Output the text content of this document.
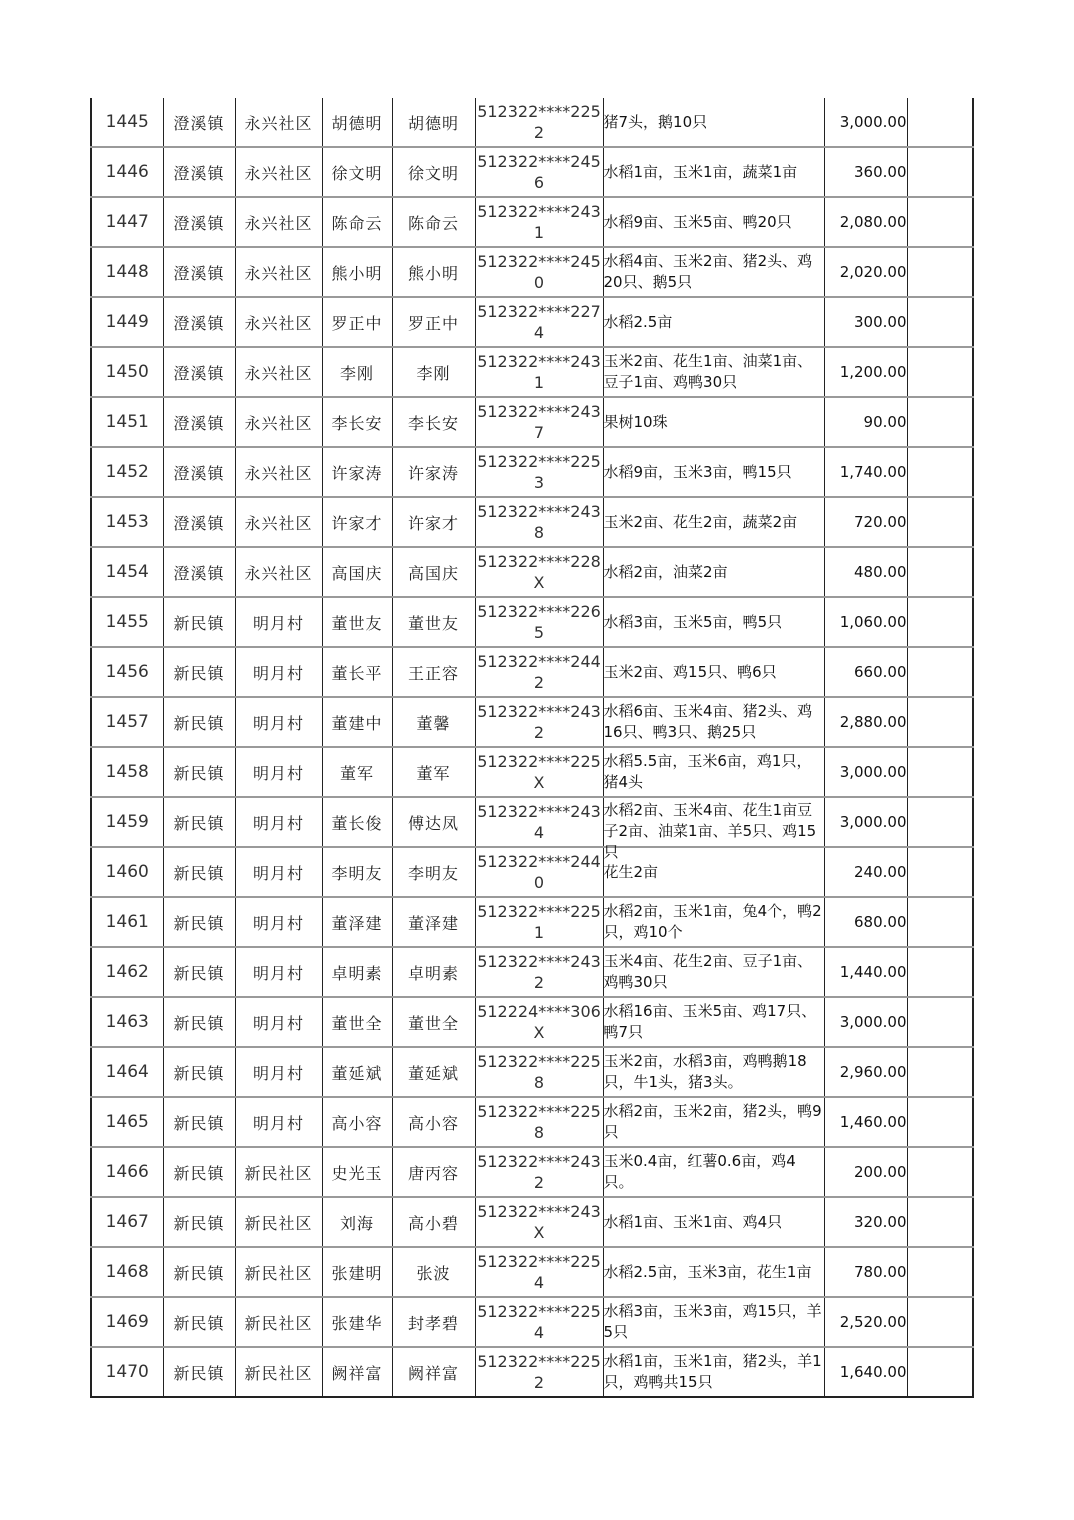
1445	澄溪镇	永兴社区	胡德明	胡德明	512322****2252	猪7头，鹅10只	3,000.00	
1446	澄溪镇	永兴社区	徐文明	徐文明	512322****2456	水稻1亩，玉米1亩，蔬菜1亩	360.00	
1447	澄溪镇	永兴社区	陈命云	陈命云	512322****2431	水稻9亩、玉米5亩、鸭20只	2,080.00	
1448	澄溪镇	永兴社区	熊小明	熊小明	512322****2450	水稻4亩、玉米2亩、猪2头、鸡20只、鹅5只	2,020.00	
1449	澄溪镇	永兴社区	罗正中	罗正中	512322****2274	水稻2.5亩	300.00	
1450	澄溪镇	永兴社区	李刚	李刚	512322****2431	玉米2亩、花生1亩、油菜1亩、豆子1亩、鸡鸭30只	1,200.00	
1451	澄溪镇	永兴社区	李长安	李长安	512322****2437	果树10珠	90.00	
1452	澄溪镇	永兴社区	许家涛	许家涛	512322****2253	水稻9亩，玉米3亩，鸭15只	1,740.00	
1453	澄溪镇	永兴社区	许家才	许家才	512322****2438	玉米2亩、花生2亩，蔬菜2亩	720.00	
1454	澄溪镇	永兴社区	高国庆	高国庆	512322****228X	水稻2亩，油菜2亩	480.00	
1455	新民镇	明月村	董世友	董世友	512322****2265	水稻3亩，玉米5亩，鸭5只	1,060.00	
1456	新民镇	明月村	董长平	王正容	512322****2442	玉米2亩、鸡15只、鸭6只	660.00	
1457	新民镇	明月村	董建中	董馨	512322****2432	水稻6亩、玉米4亩、猪2头、鸡16只、鸭3只、鹅25只	2,880.00	
1458	新民镇	明月村	董军	董军	512322****225X	水稻5.5亩，玉米6亩，鸡1只，猪4头	3,000.00	
1459	新民镇	明月村	董长俊	傅达凤	512322****2434	水稻2亩、玉米4亩、花生1亩豆子2亩、油菜1亩、羊5只、鸡15只	3,000.00	
1460	新民镇	明月村	李明友	李明友	512322****2440	花生2亩	240.00	
1461	新民镇	明月村	董泽建	董泽建	512322****2251	水稻2亩，玉米1亩，兔4个，鸭2只，鸡10个	680.00	
1462	新民镇	明月村	卓明素	卓明素	512322****2432	玉米4亩、花生2亩、豆子1亩、鸡鸭30只	1,440.00	
1463	新民镇	明月村	董世全	董世全	512224****306X	水稻16亩、玉米5亩、鸡17只、鸭7只	3,000.00	
1464	新民镇	明月村	董延斌	董延斌	512322****2258	玉米2亩，水稻3亩，鸡鸭鹅18只，牛1头，猪3头。	2,960.00	
1465	新民镇	明月村	高小容	高小容	512322****2258	水稻2亩，玉米2亩，猪2头，鸭9只	1,460.00	
1466	新民镇	新民社区	史光玉	唐丙容	512322****2432	玉米0.4亩，红薯0.6亩，鸡4只。	200.00	
1467	新民镇	新民社区	刘海	高小碧	512322****243X	水稻1亩、玉米1亩、鸡4只	320.00	
1468	新民镇	新民社区	张建明	张波	512322****2254	水稻2.5亩，玉米3亩，花生1亩	780.00	
1469	新民镇	新民社区	张建华	封孝碧	512322****2254	水稻3亩，玉米3亩，鸡15只，羊5只	2,520.00	
1470	新民镇	新民社区	阙祥富	阙祥富	512322****2252	水稻1亩，玉米1亩，猪2头，羊1只，鸡鸭共15只	1,640.00	
